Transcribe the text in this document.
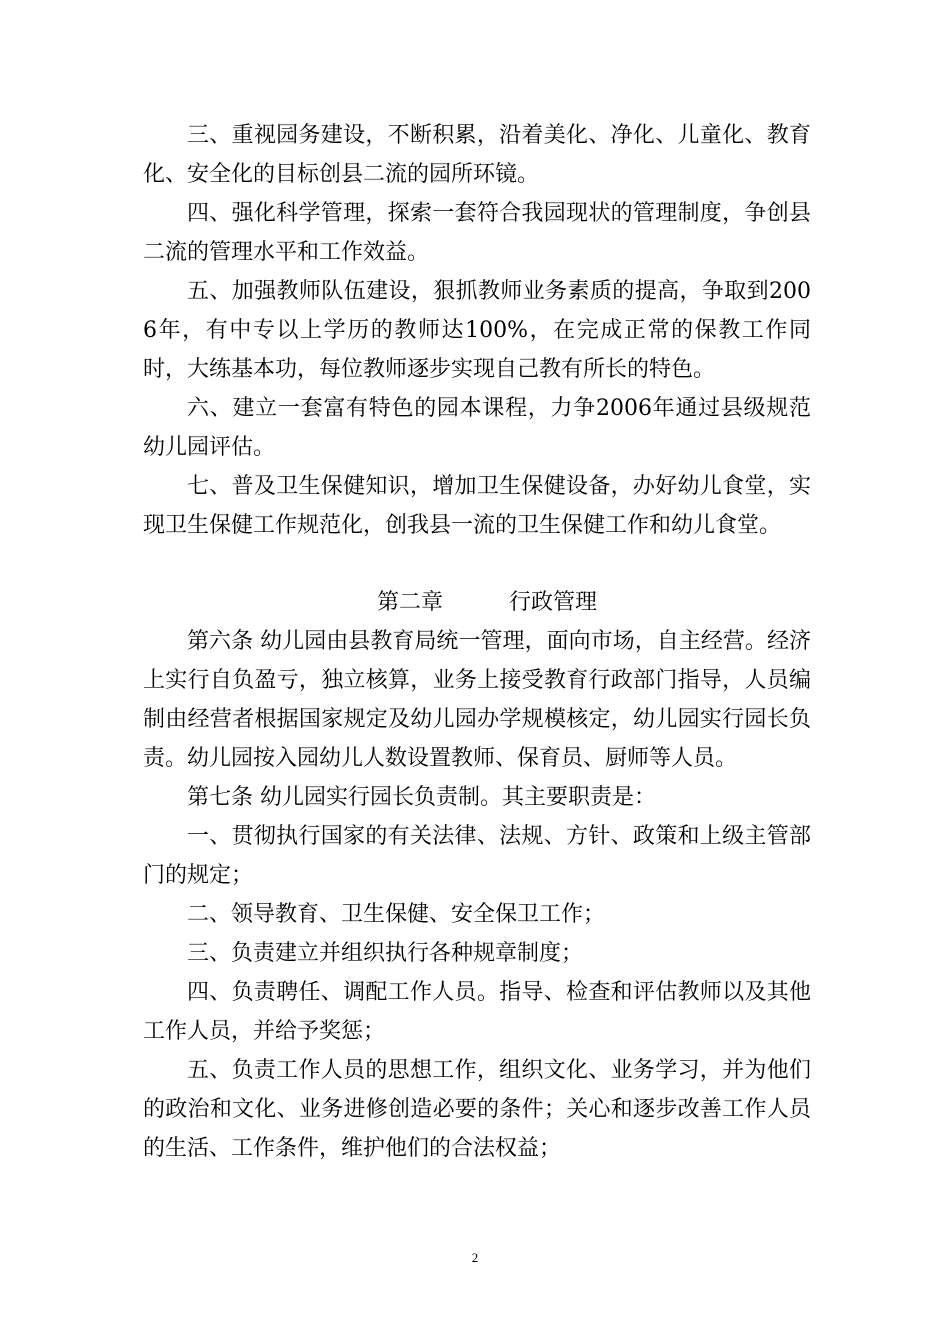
三、重视园务建设，不断积累，沿着美化、净化、儿童化、教育化、安全化的目标创县二流的园所环镜。

四、强化科学管理，探索一套符合我园现状的管理制度，争创县二流的管理水平和工作效益。

五、加强教师队伍建设，狠抓教师业务素质的提高，争取到2006年，有中专以上学历的教师达100%，在完成正常的保教工作同时，大练基本功，每位教师逐步实现自己教有所长的特色。

六、建立一套富有特色的园本课程，力争2006年通过县级规范幼儿园评估。

七、普及卫生保健知识，增加卫生保健设备，办好幼儿食堂，实现卫生保健工作规范化，创我县一流的卫生保健工作和幼儿食堂。

第二章	行政管理

第六条 幼儿园由县教育局统一管理，面向市场，自主经营。经济上实行自负盈亏，独立核算，业务上接受教育行政部门指导，人员编制由经营者根据国家规定及幼儿园办学规模核定，幼儿园实行园长负责。幼儿园按入园幼儿人数设置教师、保育员、厨师等人员。

第七条 幼儿园实行园长负责制。其主要职责是：

一、贯彻执行国家的有关法律、法规、方针、政策和上级主管部门的规定；

二、领导教育、卫生保健、安全保卫工作；

三、负责建立并组织执行各种规章制度；

四、负责聘任、调配工作人员。指导、检查和评估教师以及其他工作人员，并给予奖惩；

五、负责工作人员的思想工作，组织文化、业务学习，并为他们的政治和文化、业务进修创造必要的条件；关心和逐步改善工作人员的生活、工作条件，维护他们的合法权益；

2
